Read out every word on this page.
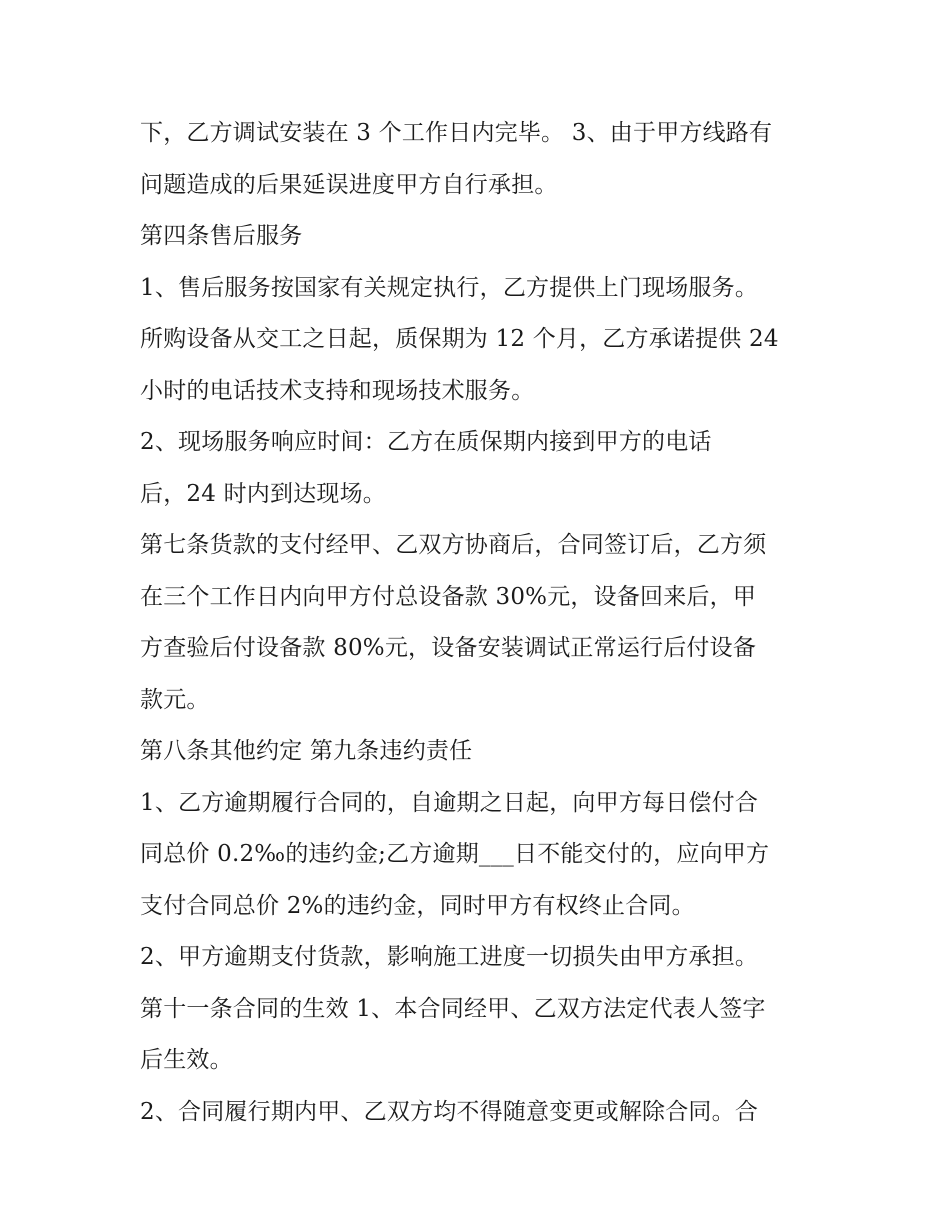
下，乙方调试安装在 3 个工作日内完毕。 3、由于甲方线路有
问题造成的后果延误进度甲方自行承担。
第四条售后服务
1、售后服务按国家有关规定执行，乙方提供上门现场服务。
所购设备从交工之日起，质保期为 12 个月，乙方承诺提供 24
小时的电话技术支持和现场技术服务。
2、现场服务响应时间：乙方在质保期内接到甲方的电话
后，24 时内到达现场。
第七条货款的支付经甲、乙双方协商后，合同签订后，乙方须
在三个工作日内向甲方付总设备款 30%元，设备回来后，甲
方查验后付设备款 80%元，设备安装调试正常运行后付设备
款元。
第八条其他约定 第九条违约责任
1、乙方逾期履行合同的，自逾期之日起，向甲方每日偿付合
同总价 0.2‰的违约金;乙方逾期___日不能交付的，应向甲方
支付合同总价 2%的违约金，同时甲方有权终止合同。
2、甲方逾期支付货款，影响施工进度一切损失由甲方承担。
第十一条合同的生效 1、本合同经甲、乙双方法定代表人签字
后生效。
2、合同履行期内甲、乙双方均不得随意变更或解除合同。合
